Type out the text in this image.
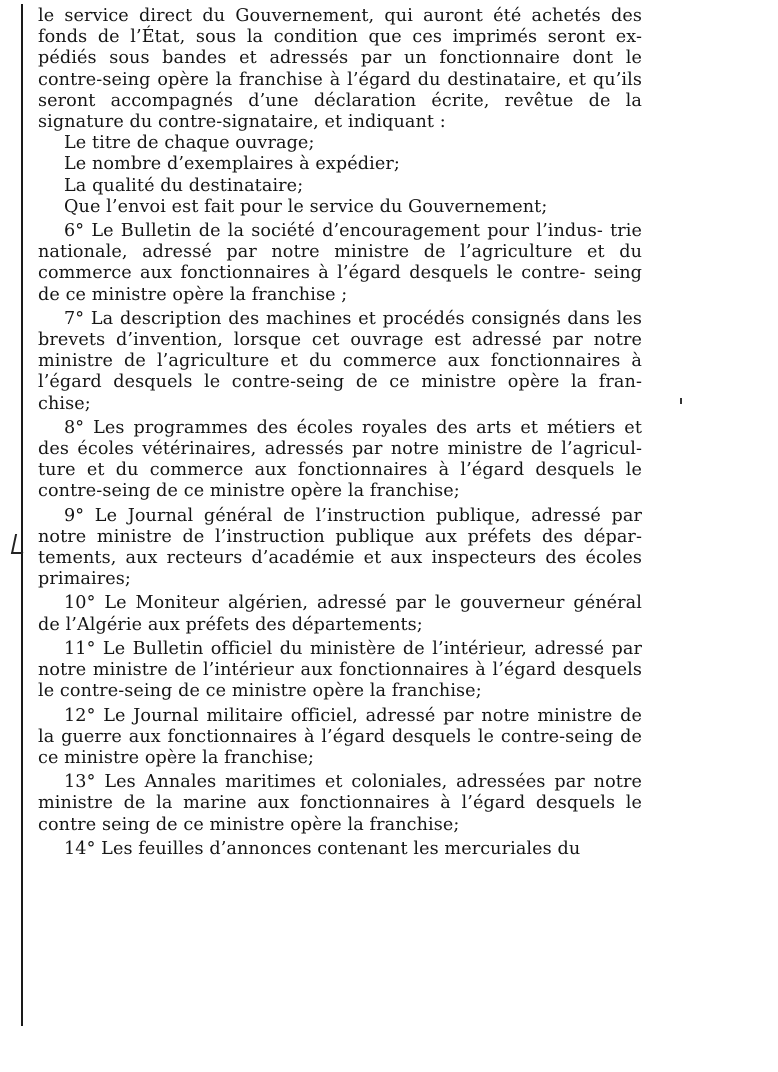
le service direct du Gouvernement, qui auront été achetés des fonds de l’État, sous la condition que ces imprimés seront ex- pédiés sous bandes et adressés par un fonctionnaire dont le contre-seing opère la franchise à l’égard du destinataire, et qu’ils seront accompagnés d’une déclaration écrite, revêtue de la signature du contre-signataire, et indiquant :

Le titre de chaque ouvrage;

Le nombre d’exemplaires à expédier;

La qualité du destinataire;

Que l’envoi est fait pour le service du Gouvernement;

6° Le Bulletin de la société d’encouragement pour l’indus- trie nationale, adressé par notre ministre de l’agriculture et du commerce aux fonctionnaires à l’égard desquels le contre- seing de ce ministre opère la franchise ;

7° La description des machines et procédés consignés dans les brevets d’invention, lorsque cet ouvrage est adressé par notre ministre de l’agriculture et du commerce aux fonctionnaires à l’égard desquels le contre-seing de ce ministre opère la fran- chise;

8° Les programmes des écoles royales des arts et métiers et des écoles vétérinaires, adressés par notre ministre de l’agricul- ture et du commerce aux fonctionnaires à l’égard desquels le contre-seing de ce ministre opère la franchise;

9° Le Journal général de l’instruction publique, adressé par notre ministre de l’instruction publique aux préfets des dépar- tements, aux recteurs d’académie et aux inspecteurs des écoles primaires;

10° Le Moniteur algérien, adressé par le gouverneur général de l’Algérie aux préfets des départements;

11° Le Bulletin officiel du ministère de l’intérieur, adressé par notre ministre de l’intérieur aux fonctionnaires à l’égard desquels le contre-seing de ce ministre opère la franchise;

12° Le Journal militaire officiel, adressé par notre ministre de la guerre aux fonctionnaires à l’égard desquels le contre-seing de ce ministre opère la franchise;

13° Les Annales maritimes et coloniales, adressées par notre ministre de la marine aux fonctionnaires à l’égard desquels le contre seing de ce ministre opère la franchise;

14° Les feuilles d’annonces contenant les mercuriales du
